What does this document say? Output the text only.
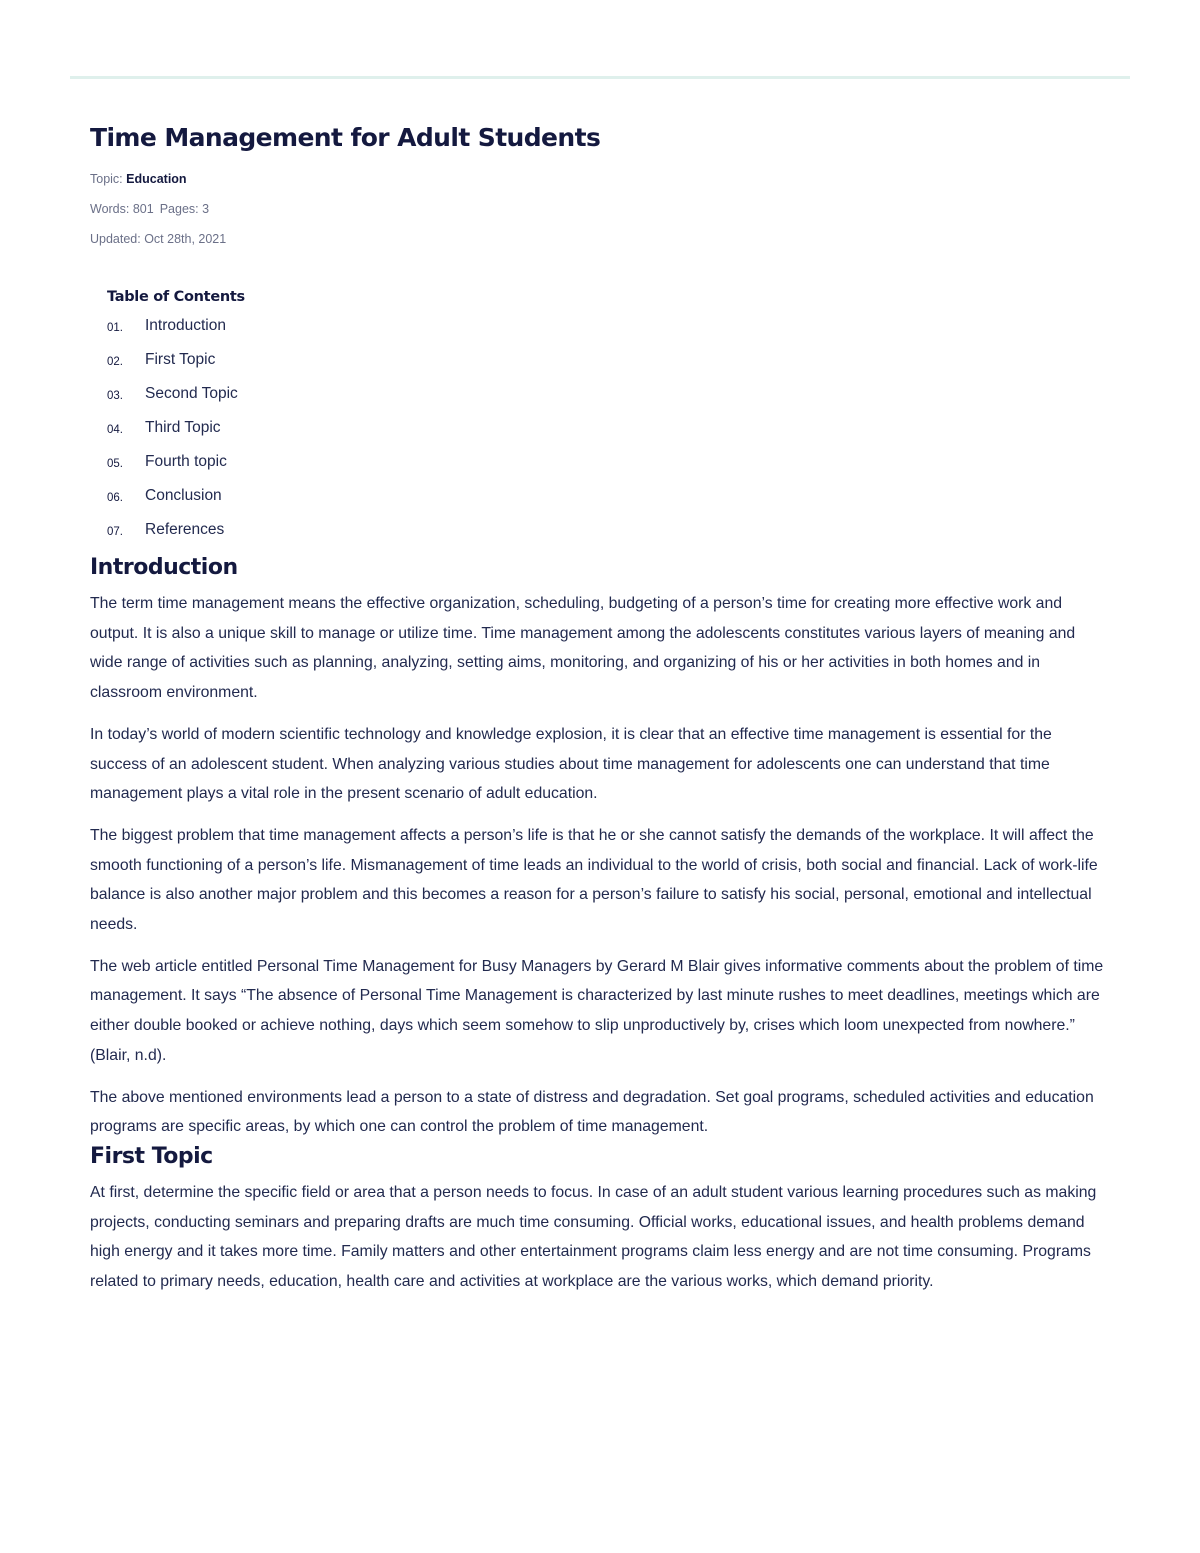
Time Management for Adult Students
Topic: Education
Words: 801 Pages: 3
Updated: Oct 28th, 2021
Table of Contents
01.	Introduction
02.	First Topic
03.	Second Topic
04.	Third Topic
05.	Fourth topic
06.	Conclusion
07.	References
Introduction

The term time management means the effective organization, scheduling, budgeting of a person’s time for creating more effective work and output. It is also a unique skill to manage or utilize time. Time management among the adolescents constitutes various layers of meaning and wide range of activities such as planning, analyzing, setting aims, monitoring, and organizing of his or her activities in both homes and in classroom environment.

In today’s world of modern scientific technology and knowledge explosion, it is clear that an effective time management is essential for the success of an adolescent student. When analyzing various studies about time management for adolescents one can understand that time management plays a vital role in the present scenario of adult education.

The biggest problem that time management affects a person’s life is that he or she cannot satisfy the demands of the workplace. It will affect the smooth functioning of a person’s life. Mismanagement of time leads an individual to the world of crisis, both social and financial. Lack of work-life balance is also another major problem and this becomes a reason for a person’s failure to satisfy his social, personal, emotional and intellectual needs.

The web article entitled Personal Time Management for Busy Managers by Gerard M Blair gives informative comments about the problem of time management. It says “The absence of Personal Time Management is characterized by last minute rushes to meet deadlines, meetings which are either double booked or achieve nothing, days which seem somehow to slip unproductively by, crises which loom unexpected from nowhere.” (Blair, n.d).

The above mentioned environments lead a person to a state of distress and degradation. Set goal programs, scheduled activities and education programs are specific areas, by which one can control the problem of time management.

First Topic

At first, determine the specific field or area that a person needs to focus. In case of an adult student various learning procedures such as making projects, conducting seminars and preparing drafts are much time consuming. Official works, educational issues, and health problems demand high energy and it takes more time. Family matters and other entertainment programs claim less energy and are not time consuming. Programs related to primary needs, education, health care and activities at workplace are the various works, which demand priority.
